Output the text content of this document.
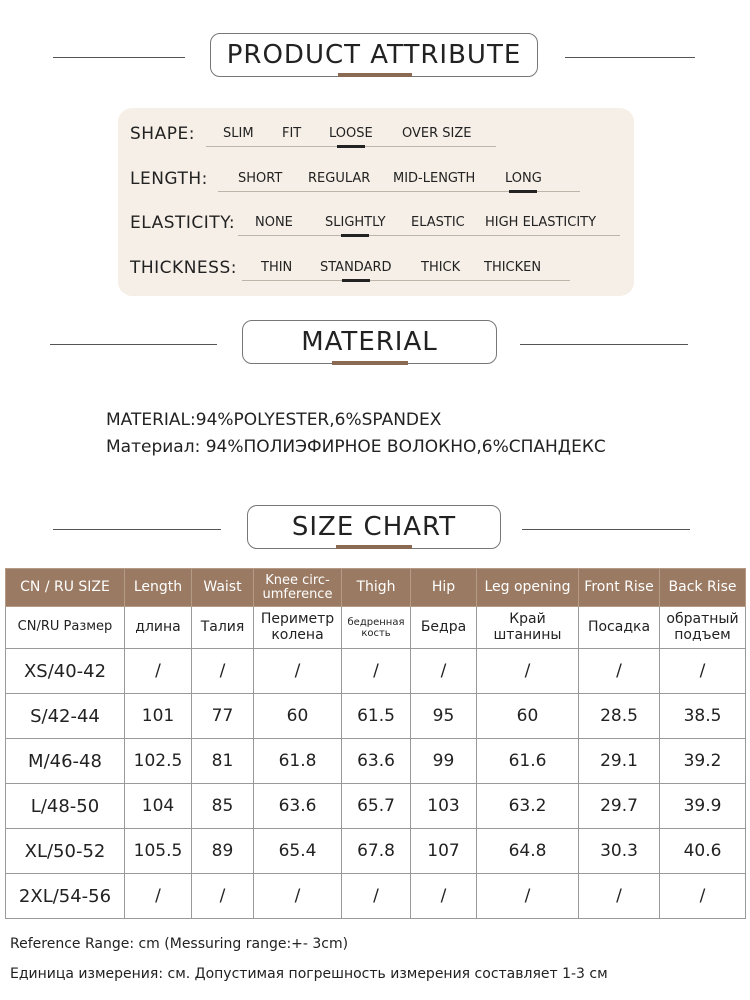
PRODUCT ATTRIBUTE
SHAPE: SLIM FIT LOOSE OVER SIZE
LENGTH: SHORT REGULAR MID-LENGTH LONG
ELASTICITY: NONE SLIGHTLY ELASTIC HIGH ELASTICITY
THICKNESS: THIN STANDARD THICK THICKEN
MATERIAL
MATERIAL:94%POLYESTER,6%SPANDEX
Материал: 94%ПОЛИЭФИРНОЕ ВОЛОКНО,6%СПАНДЕКС
SIZE CHART
CN / RU SIZE	Length	Waist	Knee circ-umference	Thigh	Hip	Leg opening	Front Rise	Back Rise
CN/RU Размер	длина	Талия	Периметр колена	бедренная кость	Бедра	Край штанины	Посадка	обратный подъем
XS/40-42	/	/	/	/	/	/	/	/
S/42-44	101	77	60	61.5	95	60	28.5	38.5
M/46-48	102.5	81	61.8	63.6	99	61.6	29.1	39.2
L/48-50	104	85	63.6	65.7	103	63.2	29.7	39.9
XL/50-52	105.5	89	65.4	67.8	107	64.8	30.3	40.6
2XL/54-56	/	/	/	/	/	/	/	/
Reference Range: cm (Messuring range:+- 3cm)
Единица измерения: см. Допустимая погрешность измерения составляет 1-3 см
